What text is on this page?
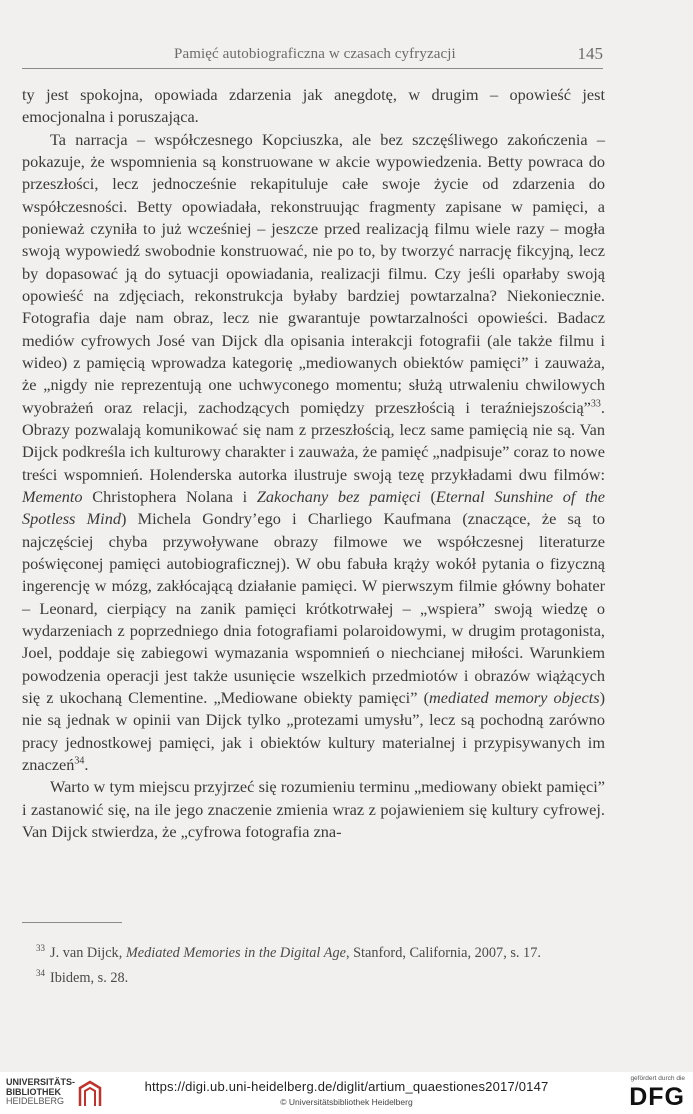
Pamięć autobiograficzna w czasach cyfryzacji	145

ty jest spokojna, opowiada zdarzenia jak anegdotę, w drugim – opowieść jest emocjonalna i poruszająca.

Ta narracja – współczesnego Kopciuszka, ale bez szczęśliwego zakończenia – pokazuje, że wspomnienia są konstruowane w akcie wypowiedzenia. Betty powraca do przeszłości, lecz jednocześnie rekapituluje całe swoje życie od zdarzenia do współczesności. Betty opowiadała, rekonstruując fragmenty zapisane w pamięci, a ponieważ czyniła to już wcześniej – jeszcze przed realizacją filmu wiele razy – mogła swoją wypowiedź swobodnie konstruować, nie po to, by tworzyć narrację fikcyjną, lecz by dopasować ją do sytuacji opowiadania, realizacji filmu. Czy jeśli oparłaby swoją opowieść na zdjęciach, rekonstrukcja byłaby bardziej powtarzalna? Niekoniecznie. Fotografia daje nam obraz, lecz nie gwarantuje powtarzalności opowieści. Badacz mediów cyfrowych José van Dijck dla opisania interakcji fotografii (ale także filmu i wideo) z pamięcią wprowadza kategorię „mediowanych obiektów pamięci” i zauważa, że „nigdy nie reprezentują one uchwyconego momentu; służą utrwaleniu chwilowych wyobrażeń oraz relacji, zachodzących pomiędzy przeszłością i teraźniejszością”$^{33}$. Obrazy pozwalają komunikować się nam z przeszłością, lecz same pamięcią nie są. Van Dijck podkreśla ich kulturowy charakter i zauważa, że pamięć „nadpisuje” coraz to nowe treści wspomnień. Holenderska autorka ilustruje swoją tezę przykładami dwu filmów: Memento Christophera Nolana i Zakochany bez pamięci (Eternal Sunshine of the Spotless Mind) Michela Gondry’ego i Charliego Kaufmana (znaczące, że są to najczęściej chyba przywoływane obrazy filmowe we współczesnej literaturze poświęconej pamięci autobiograficznej). W obu fabuła krąży wokół pytania o fizyczną ingerencję w mózg, zakłócającą działanie pamięci. W pierwszym filmie główny bohater – Leonard, cierpiący na zanik pamięci krótkotrwałej – „wspiera” swoją wiedzę o wydarzeniach z poprzedniego dnia fotografiami polaroidowymi, w drugim protagonista, Joel, poddaje się zabiegowi wymazania wspomnień o niechcianej miłości. Warunkiem powodzenia operacji jest także usunięcie wszelkich przedmiotów i obrazów wiążących się z ukochaną Clementine. „Mediowane obiekty pamięci” (mediated memory objects) nie są jednak w opinii van Dijck tylko „protezami umysłu”, lecz są pochodną zarówno pracy jednostkowej pamięci, jak i obiektów kultury materialnej i przypisywanych im znaczeń$^{34}$.

Warto w tym miejscu przyjrzeć się rozumieniu terminu „mediowany obiekt pamięci” i zastanowić się, na ile jego znaczenie zmienia wraz z pojawieniem się kultury cyfrowej. Van Dijck stwierdza, że „cyfrowa fotografia zna-

$^{33}$ J. van Dijck, Mediated Memories in the Digital Age, Stanford, California, 2007, s. 17.

$^{34}$ Ibidem, s. 28.

UNIVERSITÄTS-
BIBLIOTHEK
HEIDELBERG
https://digi.ub.uni-heidelberg.de/diglit/artium_quaestiones2017/0147
© Universitätsbibliothek Heidelberg
gefördert durch die
DFG
